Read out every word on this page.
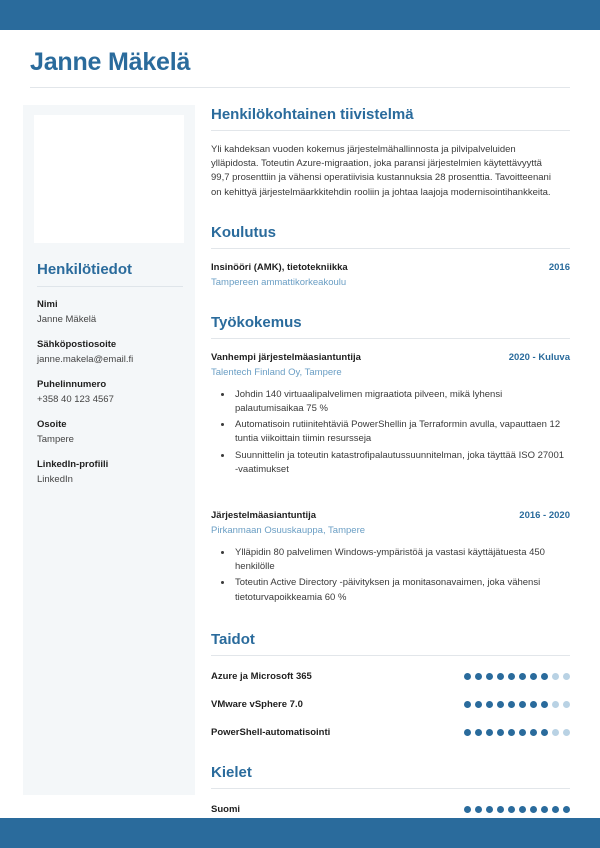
Janne Mäkelä
Henkilötiedot
Nimi
Janne Mäkelä
Sähköpostiosoite
janne.makela@email.fi
Puhelinnumero
+358 40 123 4567
Osoite
Tampere
LinkedIn-profiili
LinkedIn
Henkilökohtainen tiivistelmä
Yli kahdeksan vuoden kokemus järjestelmähallinnosta ja pilvipalveluiden ylläpidosta. Toteutin Azure-migraation, joka paransi järjestelmien käytettävyyttä 99,7 prosenttiin ja vähensi operatiivisia kustannuksia 28 prosenttia. Tavoitteenani on kehittyä järjestelmäarkkitehdin rooliin ja johtaa laajoja modernisointihankkeita.
Koulutus
Insinööri (AMK), tietotekniikka	2016
Tampereen ammattikorkeakoulu
Työkokemus
Vanhempi järjestelmäasiantuntija	2020 - Kuluva
Talentech Finland Oy, Tampere
• Johdin 140 virtuaalipalvelimen migraatiota pilveen, mikä lyhensi palautumisaikaa 75 %
• Automatisoin rutiinitehtäviä PowerShellin ja Terraformin avulla, vapauttaen 12 tuntia viikoittain tiimin resursseja
• Suunnittelin ja toteutin katastrofipalautussuunnitelman, joka täyttää ISO 27001 -vaatimukset
Järjestelmäasiantuntija	2016 - 2020
Pirkanmaan Osuuskauppa, Tampere
• Ylläpidin 80 palvelimen Windows-ympäristöä ja vastasi käyttäjätuesta 450 henkilölle
• Toteutin Active Directory -päivityksen ja monitasonavaimen, joka vähensi tietoturvapoikkeamia 60 %
Taidot
Azure ja Microsoft 365
VMware vSphere 7.0
PowerShell-automatisointi
Kielet
Suomi
